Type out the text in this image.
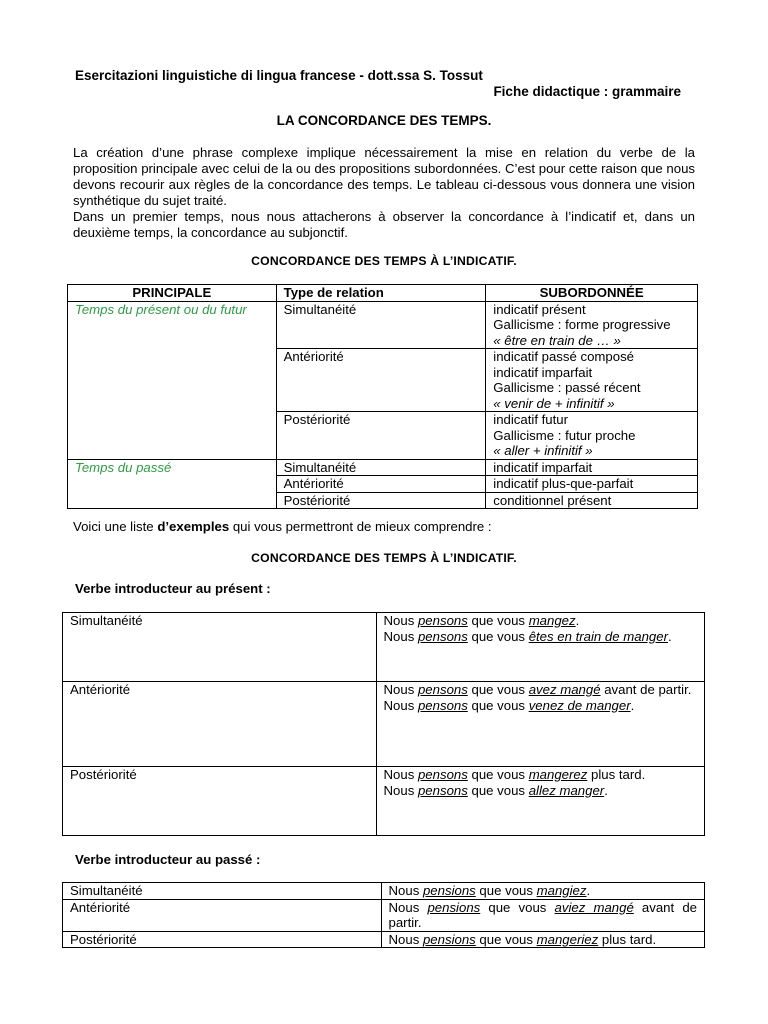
Esercitazioni linguistiche di lingua francese - dott.ssa S. Tossut
Fiche didactique : grammaire
LA CONCORDANCE DES TEMPS.

La création d’une phrase complexe implique nécessairement la mise en relation du verbe de la

proposition principale avec celui de la ou des propositions subordonnées. C’est pour cette raison que nous devons recourir aux règles de la concordance des temps. Le tableau ci-dessous vous donnera une vision synthétique du sujet traité.

Dans un premier temps, nous nous attacherons à observer la concordance à l’indicatif et, dans un deuxième temps, la concordance au subjonctif.

CONCORDANCE DES TEMPS À L’INDICATIF.
PRINCIPALE	Type de relation	SUBORDONNÉE
Temps du présent ou du futur	Simultanéité	indicatif présent
Gallicisme : forme progressive
« être en train de … »

	Antériorité	indicatif passé composé
indicatif imparfait
Gallicisme : passé récent
« venir de + infinitif »

	Postériorité	indicatif futur
Gallicisme : futur proche
« aller + infinitif »

Temps du passé	Simultanéité	indicatif imparfait
	Antériorité	indicatif plus-que-parfait
	Postériorité	conditionnel présent
Voici une liste d’exemples qui vous permettront de mieux comprendre :
CONCORDANCE DES TEMPS À L’INDICATIF.
Verbe introducteur au présent :
Simultanéité	Nous pensons que vous mangez.
Nous pensons que vous êtes en train de manger.

Antériorité	Nous pensons que vous avez mangé avant de partir.
Nous pensons que vous venez de manger.

Postériorité	Nous pensons que vous mangerez plus tard.
Nous pensons que vous allez manger.
Verbe introducteur au passé :
Simultanéité	Nous pensions que vous mangiez.
Antériorité	Nous pensions que vous aviez mangé avant de partir.
Postériorité	Nous pensions que vous mangeriez plus tard.
